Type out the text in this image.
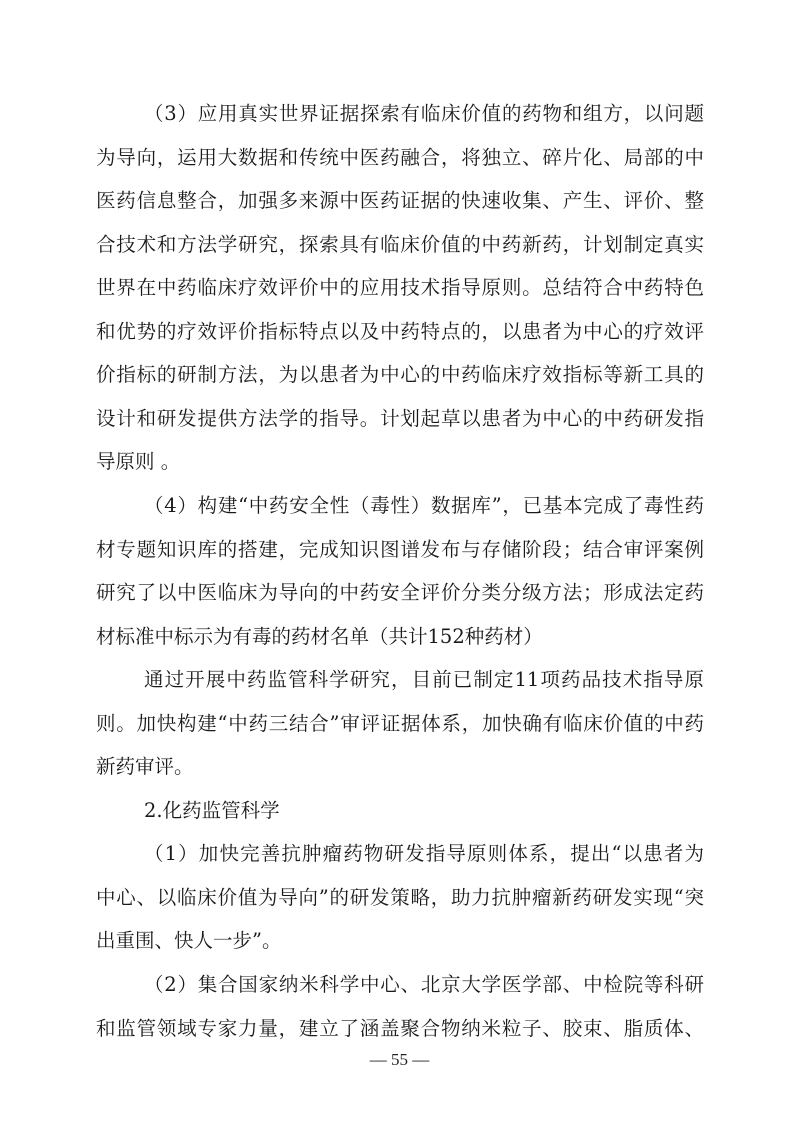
（3）应用真实世界证据探索有临床价值的药物和组方，以问题
为导向，运用大数据和传统中医药融合，将独立、碎片化、局部的中
医药信息整合，加强多来源中医药证据的快速收集、产生、评价、整
合技术和方法学研究，探索具有临床价值的中药新药，计划制定真实
世界在中药临床疗效评价中的应用技术指导原则。总结符合中药特色
和优势的疗效评价指标特点以及中药特点的，以患者为中心的疗效评
价指标的研制方法，为以患者为中心的中药临床疗效指标等新工具的
设计和研发提供方法学的指导。计划起草以患者为中心的中药研发指
导原则 。
（4）构建“中药安全性（毒性）数据库”，已基本完成了毒性药
材专题知识库的搭建，完成知识图谱发布与存储阶段；结合审评案例
研究了以中医临床为导向的中药安全评价分类分级方法；形成法定药
材标准中标示为有毒的药材名单（共计152种药材）
通过开展中药监管科学研究，目前已制定11项药品技术指导原
则。加快构建“中药三结合”审评证据体系，加快确有临床价值的中药
新药审评。
2.化药监管科学
（1）加快完善抗肿瘤药物研发指导原则体系，提出“以患者为
中心、以临床价值为导向”的研发策略，助力抗肿瘤新药研发实现“突
出重围、快人一步”。
（2）集合国家纳米科学中心、北京大学医学部、中检院等科研
和监管领域专家力量，建立了涵盖聚合物纳米粒子、胶束、脂质体、
— 55 —
